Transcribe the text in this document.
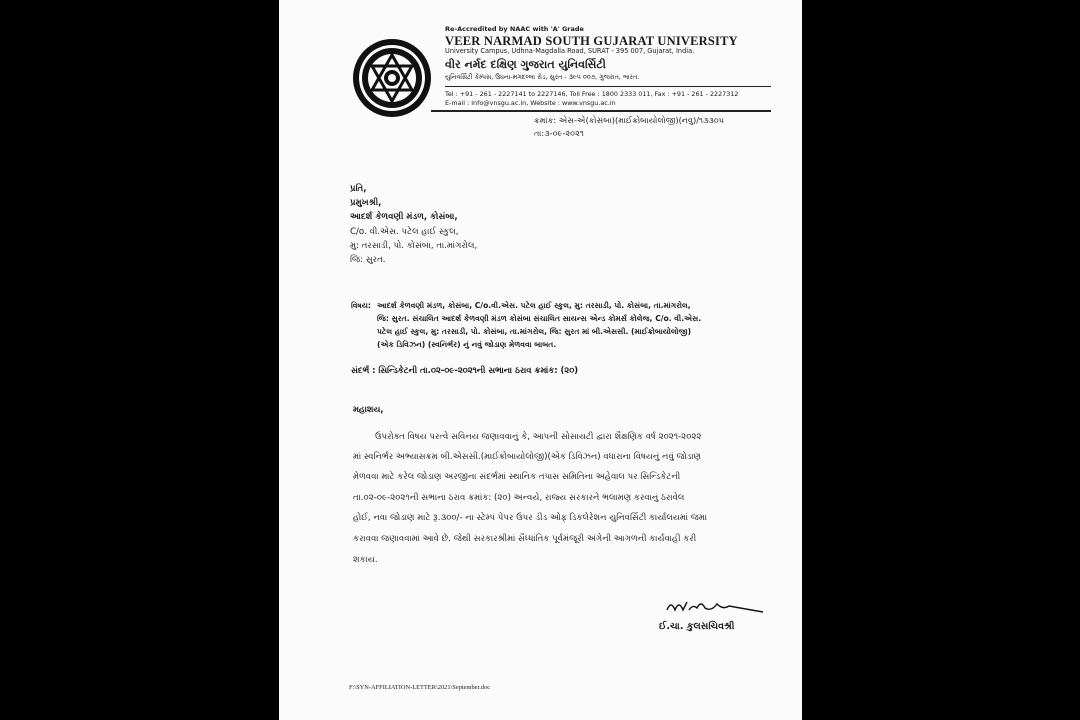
Re-Accredited by NAAC with 'A' Grade
VEER NARMAD SOUTH GUJARAT UNIVERSITY
University Campus, Udhna-Magdalla Road, SURAT - 395 007, Gujarat, India.
વીર નર્મદ દક્ષિણ ગુજરાત યુનિવર્સિટી
યુનિવર્સિટી કેમ્પસ, ઉધના-મગદલ્લા રોડ, સુરત - ૩૯૫ ૦૦૭, ગુજરાત, ભારત.
Tel : +91 - 261 - 2227141 to 2227146, Toll Free : 1800 2333 011, Fax : +91 - 261 - 2227312
E-mail : info@vnsgu.ac.in, Website : www.vnsgu.ac.in
ક્રમાંક: એસ-એ(કોસંબા)(માઈક્રોબાયોલોજી)(નવુ)/૧૩૩૦૫
તા:૩-૦૯-૨૦૨૧
પ્રતિ,
પ્રમુખશ્રી,
આદર્શ કેળવણી મંડળ, કોસંબા,
C/o. વી.એસ. પટેલ હાઈ સ્કુલ,
મુ: તરસાડી, પો. કોસંબા, તા.માંગરોલ,
જિ: સુરત.
વિષય: આદર્શ કેળવણી મંડળ, કોસંબા, C/o.વી.એસ. પટેલ હાઈ સ્કુલ, મુ: તરસાડી, પો. કોસંબા, તા.માંગરોલ,
જિ: સુરત. સંચાલિત આદર્શ કેળવણી મંડળ કોસંબા સંચાલિત સાયન્સ એન્ડ કોમર્સ કોલેજ, C/o. વી.એસ.
પટેલ હાઈ સ્કુલ, મુ: તરસાડી, પો. કોસંબા, તા.માંગરોલ, જિ: સુરત માં બી.એસસી. (માઈક્રોબાયોલોજી)
(એક ડિવિઝન) (સ્વનિર્ભર) નું નવું જોડાણ મેળવવા બાબત.
સંદર્ભ : સિન્ડિકેટની તા.૦૨-૦૯-૨૦૨૧ની સભાના ઠરાવ ક્રમાંક: (૨૦)
મહાશય,
ઉપરોક્ત વિષય પરત્વે સવિનય જણાવવાનું કે, આપની સોસાયટી દ્વારા શૈક્ષણિક વર્ષ ૨૦૨૧-૨૦૨૨
માં સ્વનિર્ભર અભ્યાસક્રમ બી.એસસી.(માઈક્રોબાયોલોજી)(એક ડિવિઝન) વધારાના વિષયનું નવું જોડાણ
મેળવવા માટે કરેલ જોડાણ અરજીના સંદર્ભમાં સ્થાનિક તપાસ સમિતિના અહેવાલ પર સિન્ડિકેટની
તા.૦૨-૦૯-૨૦૨૧ની સભાના ઠરાવ ક્રમાંક: (૨૦) અન્વયે, રાજ્ય સરકારને ભલામણ કરવાનું ઠરાવેલ
હોઈ, નવા જોડાણ માટે રૂ.૩૦૦/- ના સ્ટેમ્પ પેપર ઉપર ડીડ ઓફ ડિકલેરેશન યુનિવર્સિટી કાર્યાલયમાં જમા
કરાવવા જણાવવામાં આવે છે. જેથી સરકારશ્રીમાં સૈધ્ધાંતિક પૂર્વમંજૂરી અંગેની આગળની કાર્યવાહી કરી
શકાય.
ઈ.ચા. કુલસચિવશ્રી
F:\SYN-AFFILIATION-LETTER\2021\September.doc
